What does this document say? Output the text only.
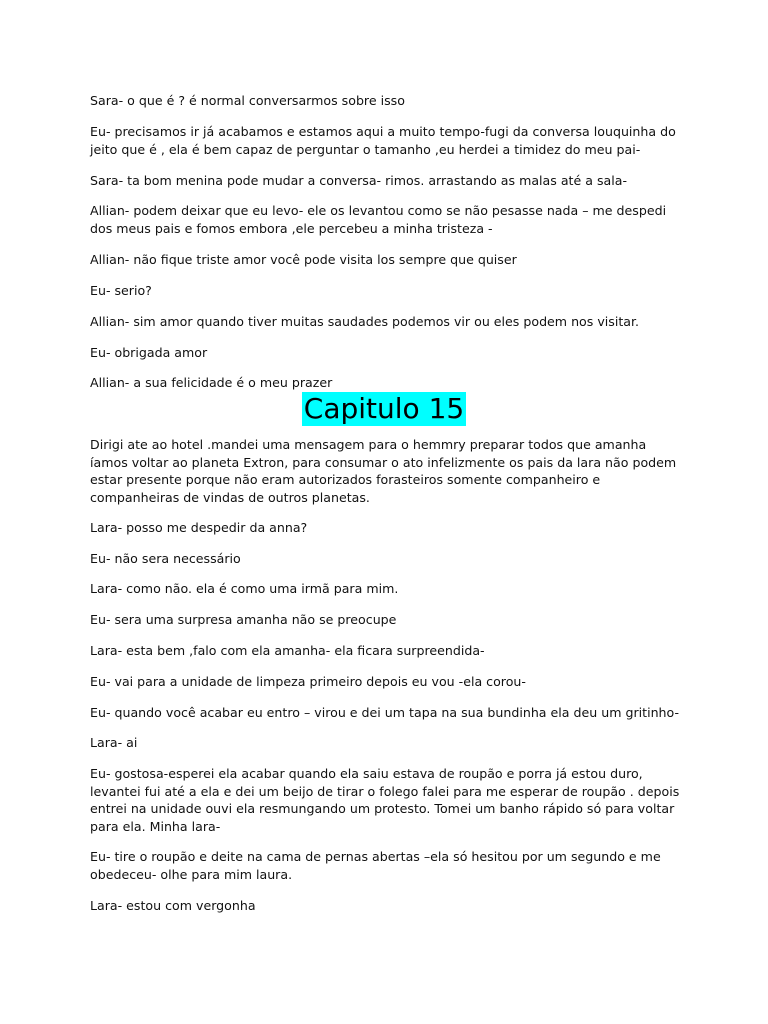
Sara- o que é ? é normal conversarmos sobre isso

Eu- precisamos ir já acabamos e estamos aqui a muito tempo-fugi da conversa louquinha do jeito que é , ela é bem capaz de perguntar o tamanho ,eu herdei a timidez do meu pai-

Sara- ta bom menina pode mudar a conversa- rimos. arrastando as malas até a sala-

Allian- podem deixar que eu levo- ele os levantou como se não pesasse nada – me despedi dos meus pais e fomos embora ,ele percebeu a minha tristeza -

Allian- não fique triste amor você pode visita los sempre que quiser

Eu- serio?

Allian- sim amor quando tiver muitas saudades podemos vir ou eles podem nos visitar.

Eu- obrigada amor

Allian- a sua felicidade é o meu prazer

Capitulo 15

Dirigi ate ao hotel .mandei uma mensagem para o hemmry preparar todos que amanha íamos voltar ao planeta Extron, para consumar o ato infelizmente os pais da lara não podem estar presente porque não eram autorizados forasteiros somente companheiro e companheiras de vindas de outros planetas.

Lara- posso me despedir da anna?

Eu- não sera necessário

Lara- como não. ela é como uma irmã para mim.

Eu- sera uma surpresa amanha não se preocupe

Lara- esta bem ,falo com ela amanha- ela ficara surpreendida-

Eu- vai para a unidade de limpeza primeiro depois eu vou -ela corou-

Eu- quando você acabar eu entro – virou e dei um tapa na sua bundinha ela deu um gritinho-

Lara- ai

Eu- gostosa-esperei ela acabar quando ela saiu estava de roupão e porra já estou duro, levantei fui até a ela e dei um beijo de tirar o folego falei para me esperar de roupão . depois entrei na unidade ouvi ela resmungando um protesto. Tomei um banho rápido só para voltar para ela. Minha lara-

Eu- tire o roupão e deite na cama de pernas abertas –ela só hesitou por um segundo e me obedeceu- olhe para mim laura.

Lara- estou com vergonha
